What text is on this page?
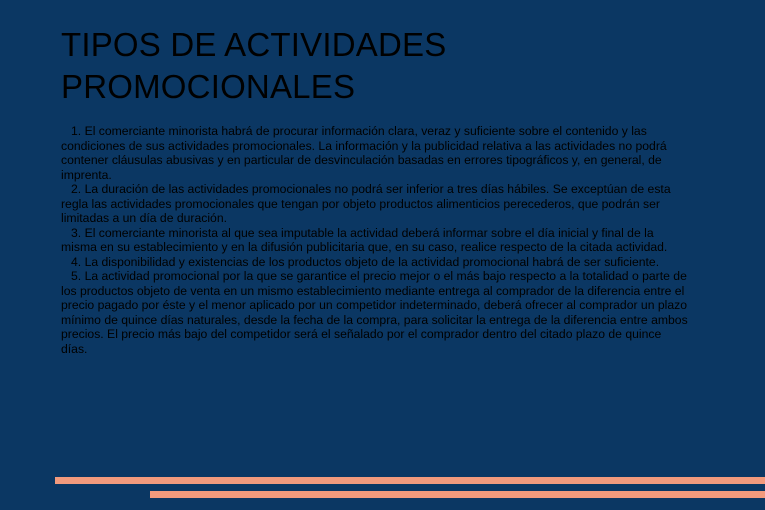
TIPOS DE ACTIVIDADES
PROMOCIONALES

1. El comerciante minorista habrá de procurar información clara, veraz y suficiente sobre el contenido y las condiciones de sus actividades promocionales. La información y la publicidad relativa a las actividades no podrá contener cláusulas abusivas y en particular de desvinculación basadas en errores tipográficos y, en general, de imprenta.

2. La duración de las actividades promocionales no podrá ser inferior a tres días hábiles. Se exceptúan de esta regla las actividades promocionales que tengan por objeto productos alimenticios perecederos, que podrán ser limitadas a un día de duración.

3. El comerciante minorista al que sea imputable la actividad deberá informar sobre el día inicial y final de la misma en su establecimiento y en la difusión publicitaria que, en su caso, realice respecto de la citada actividad.

4. La disponibilidad y existencias de los productos objeto de la actividad promocional habrá de ser suficiente.

5. La actividad promocional por la que se garantice el precio mejor o el más bajo respecto a la totalidad o parte de los productos objeto de venta en un mismo establecimiento mediante entrega al comprador de la diferencia entre el precio pagado por éste y el menor aplicado por un competidor indeterminado, deberá ofrecer al comprador un plazo mínimo de quince días naturales, desde la fecha de la compra, para solicitar la entrega de la diferencia entre ambos precios. El precio más bajo del competidor será el señalado por el comprador dentro del citado plazo de quince días.
